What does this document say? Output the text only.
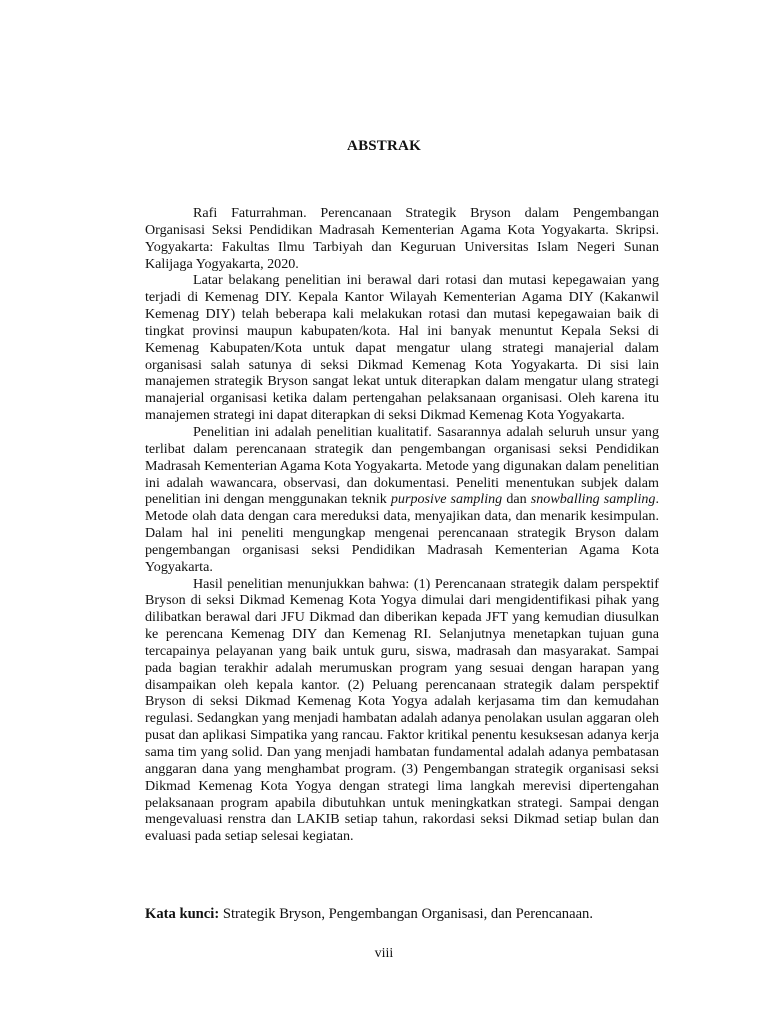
ABSTRAK

Rafi Faturrahman. Perencanaan Strategik Bryson dalam Pengembangan Organisasi Seksi Pendidikan Madrasah Kementerian Agama Kota Yogyakarta. Skripsi. Yogyakarta: Fakultas Ilmu Tarbiyah dan Keguruan Universitas Islam Negeri Sunan Kalijaga Yogyakarta, 2020.

Latar belakang penelitian ini berawal dari rotasi dan mutasi kepegawaian yang terjadi di Kemenag DIY. Kepala Kantor Wilayah Kementerian Agama DIY (Kakanwil Kemenag DIY) telah beberapa kali melakukan rotasi dan mutasi kepegawaian baik di tingkat provinsi maupun kabupaten/kota. Hal ini banyak menuntut Kepala Seksi di Kemenag Kabupaten/Kota untuk dapat mengatur ulang strategi manajerial dalam organisasi salah satunya di seksi Dikmad Kemenag Kota Yogyakarta. Di sisi lain manajemen strategik Bryson sangat lekat untuk diterapkan dalam mengatur ulang strategi manajerial organisasi ketika dalam pertengahan pelaksanaan organisasi. Oleh karena itu manajemen strategi ini dapat diterapkan di seksi Dikmad Kemenag Kota Yogyakarta.

Penelitian ini adalah penelitian kualitatif. Sasarannya adalah seluruh unsur yang terlibat dalam perencanaan strategik dan pengembangan organisasi seksi Pendidikan Madrasah Kementerian Agama Kota Yogyakarta. Metode yang digunakan dalam penelitian ini adalah wawancara, observasi, dan dokumentasi. Peneliti menentukan subjek dalam penelitian ini dengan menggunakan teknik purposive sampling dan snowballing sampling. Metode olah data dengan cara mereduksi data, menyajikan data, dan menarik kesimpulan. Dalam hal ini peneliti mengungkap mengenai perencanaan strategik Bryson dalam pengembangan organisasi seksi Pendidikan Madrasah Kementerian Agama Kota Yogyakarta.

Hasil penelitian menunjukkan bahwa: (1) Perencanaan strategik dalam perspektif Bryson di seksi Dikmad Kemenag Kota Yogya dimulai dari mengidentifikasi pihak yang dilibatkan berawal dari JFU Dikmad dan diberikan kepada JFT yang kemudian diusulkan ke perencana Kemenag DIY dan Kemenag RI. Selanjutnya menetapkan tujuan guna tercapainya pelayanan yang baik untuk guru, siswa, madrasah dan masyarakat. Sampai pada bagian terakhir adalah merumuskan program yang sesuai dengan harapan yang disampaikan oleh kepala kantor. (2) Peluang perencanaan strategik dalam perspektif Bryson di seksi Dikmad Kemenag Kota Yogya adalah kerjasama tim dan kemudahan regulasi. Sedangkan yang menjadi hambatan adalah adanya penolakan usulan aggaran oleh pusat dan aplikasi Simpatika yang rancau. Faktor kritikal penentu kesuksesan adanya kerja sama tim yang solid. Dan yang menjadi hambatan fundamental adalah adanya pembatasan anggaran dana yang menghambat program. (3) Pengembangan strategik organisasi seksi Dikmad Kemenag Kota Yogya dengan strategi lima langkah merevisi dipertengahan pelaksanaan program apabila dibutuhkan untuk meningkatkan strategi. Sampai dengan mengevaluasi renstra dan LAKIB setiap tahun, rakordasi seksi Dikmad setiap bulan dan evaluasi pada setiap selesai kegiatan.

Kata kunci: Strategik Bryson, Pengembangan Organisasi, dan Perencanaan.
viii
